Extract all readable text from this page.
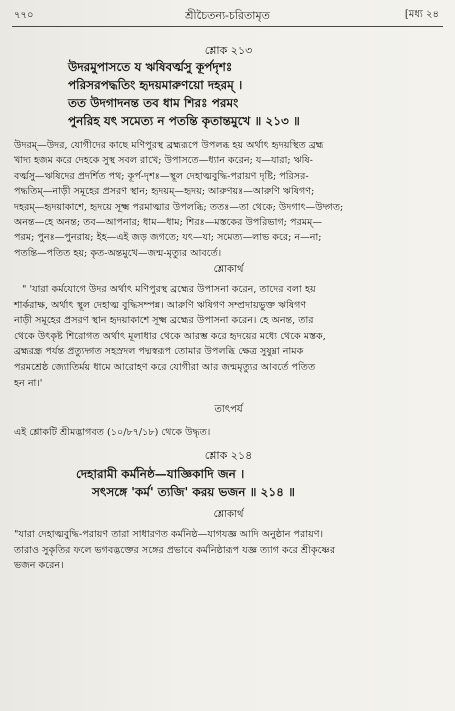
৭৭০	শ্রীচৈতন্য-চরিতামৃত	[মধ্য ২৪
শ্লোক ২১৩
উদরমুপাসতে য ঋষিবর্ত্মসু কূর্পদৃশঃ
পরিসরপদ্ধতিং হৃদয়মারুণয়ো দহরম্ ।
তত উদগাদনন্ত তব ধাম শিরঃ পরমং
পুনরিহ যৎ সমেত্য ন পতন্তি কৃতান্তমুখে ॥ ২১৩ ॥
উদরম্—উদর, যোগীদের কাছে মণিপুরস্থ ব্রহ্মরূপে উপলব্ধ হয় অর্থাৎ হৃদয়স্থিত ব্রহ্ম
খাদ্য হজম করে দেহকে সুস্থ সবল রাখে; উপাসতে—ধ্যান করেন; য—যারা; ঋষি-
বর্ত্মসু—ঋষিদের প্রদর্শিত পথ; কূর্প-দৃশঃ—স্থূল দেহাত্মবুদ্ধি-পরায়ণ দৃষ্টি; পরিসর-
পদ্ধতিম্—নাড়ী সমূহের প্রসরণ স্থান; হৃদয়ম্—হৃদয়; আরুণয়ঃ—আরুণি ঋষিগণ;
দহরম্—হৃদয়াকাশে, হৃদয়ে সূক্ষ্ম পরমাত্মার উপলব্ধি; ততঃ—তা থেকে; উদগাৎ—উদ্গত;
অনন্ত—হে অনন্ত; তব—আপনার; ধাম—ধাম; শিরঃ—মস্তকের উপরিভাগ; পরমম্—
পরম; পুনঃ—পুনরায়; ইহ—এই জড় জগতে; যৎ—যা; সমেত্য—লাভ করে; ন—না;
পতন্তি—পতিত হয়; কৃত-অন্তমুখে—জন্ম-মৃত্যুর আবর্তে।
শ্লোকার্থ
" 'যারা কর্মযোগে উদর অর্থাৎ মণিপুরস্থ ব্রহ্মের উপাসনা করেন, তাদের বলা হয়
শার্করাক্ষ, অর্থাৎ স্থূল দেহাত্ম বুদ্ধিসম্পন্ন। আরুণি ঋষিগণ সম্প্রদায়ভুক্ত ঋষিগণ
নাড়ী সমূহের প্রসরণ স্থান হৃদয়াকাশে সূক্ষ্ম ব্রহ্মের উপাসনা করেন। হে অনন্ত, তার
থেকে উৎকৃষ্ট শিরোগত অর্থাৎ মূলাধার থেকে আরম্ভ করে হৃদয়ের মধ্যে থেকে মস্তক,
ব্রহ্মরন্ধ্র পর্যন্ত প্রত্যুদ্গত সহস্রদল পদ্মস্বরূপ তোমার উপলব্ধি ক্ষেত্র সুষুম্না নামক
পরমশ্রেষ্ঠ জ্যোতির্ময় ধামে আরোহণ করে যোগীরা আর জন্মমৃত্যুর আবর্তে পতিত
হন না।'
তাৎপর্য
এই শ্লোকটি শ্রীমদ্ভাগবত (১০/৮৭/১৮) থেকে উদ্ধৃত।
শ্লোক ২১৪
দেহারামী কর্মনিষ্ঠ—যাজ্ঞিকাদি জন ।
সৎসঙ্গে 'কর্ম' ত্যজি' করয় ভজন ॥ ২১৪ ॥
শ্লোকার্থ
"যারা দেহাত্মবুদ্ধি-পরায়ণ তারা সাধারণত কর্মনিষ্ঠ—যাগযজ্ঞ আদি অনুষ্ঠান পরায়ণ।
তারাও সুকৃতির ফলে ভগবদ্ভক্তের সঙ্গের প্রভাবে কর্মনিষ্ঠারূপ যজ্ঞ ত্যাগ করে শ্রীকৃষ্ণের
ভজন করেন।
